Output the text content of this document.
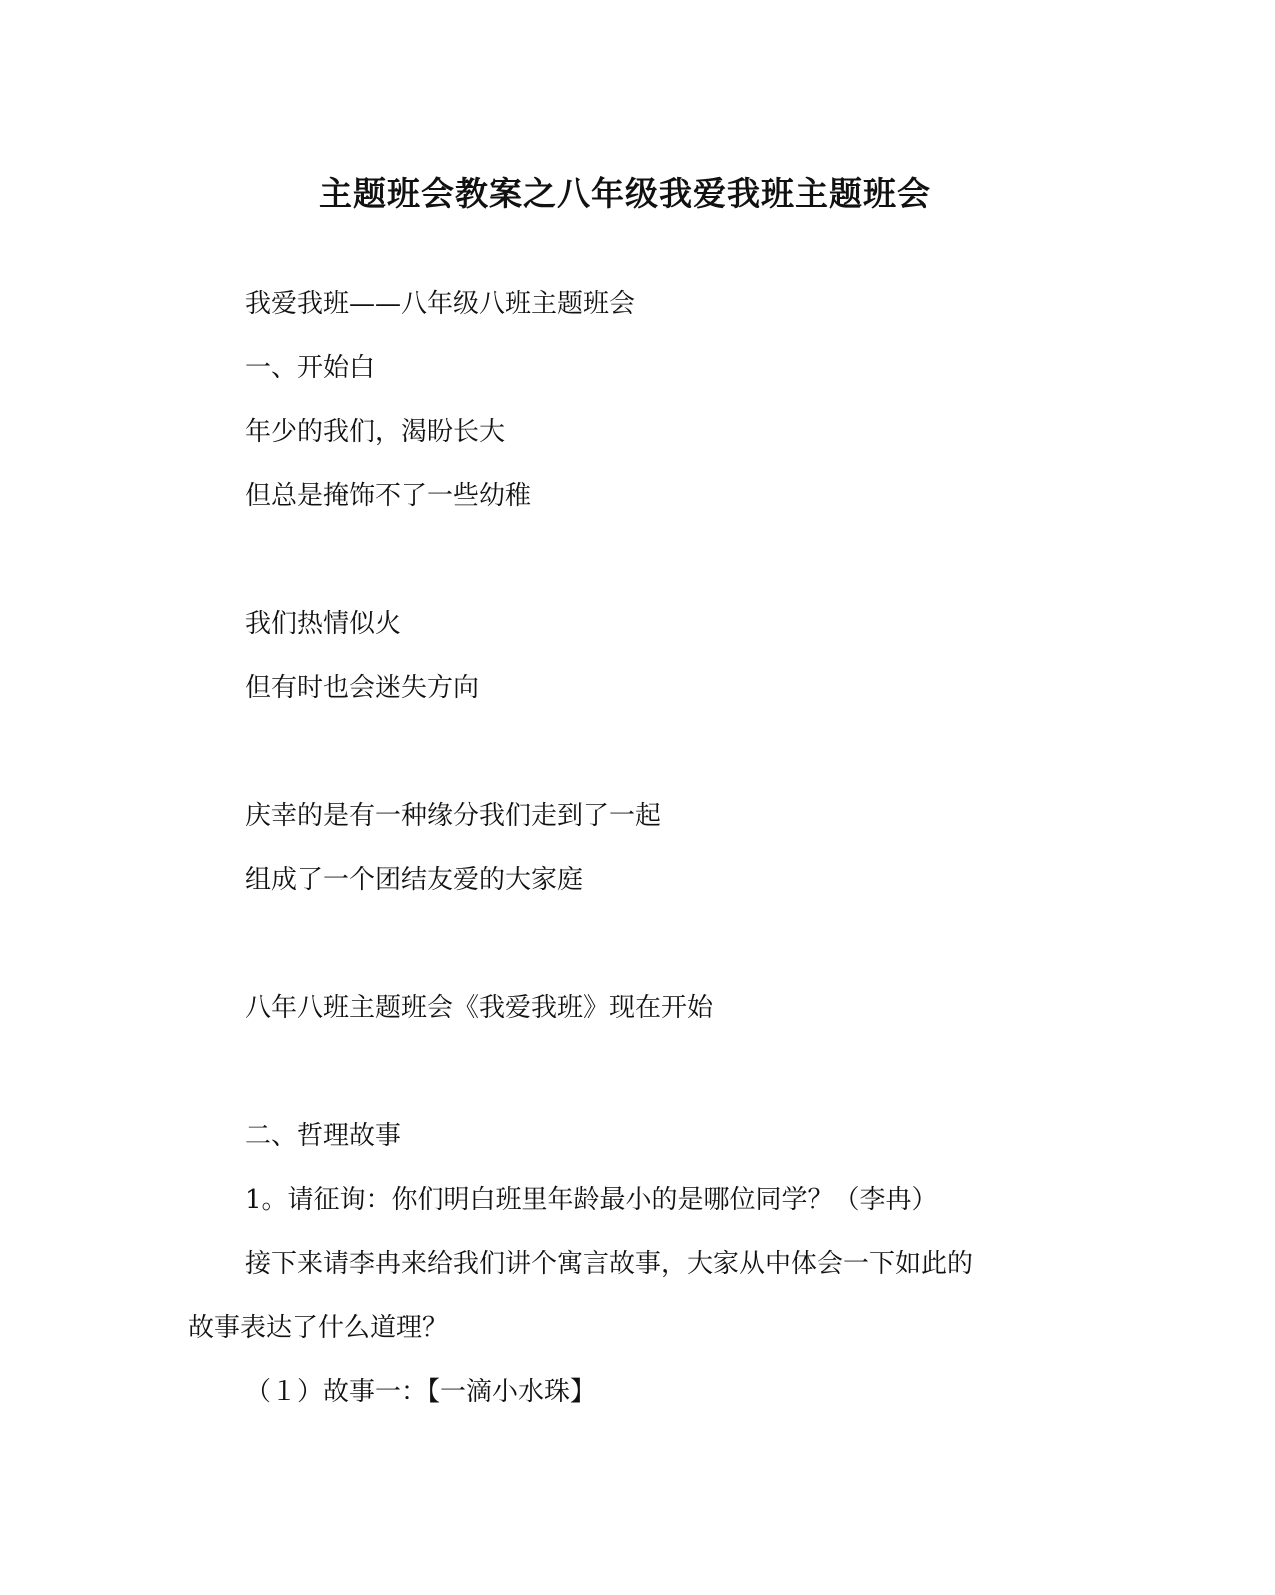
主题班会教案之八年级我爱我班主题班会
我爱我班——八年级八班主题班会
一、开始白
年少的我们，渴盼长大
但总是掩饰不了一些幼稚
我们热情似火
但有时也会迷失方向
庆幸的是有一种缘分我们走到了一起
组成了一个团结友爱的大家庭
八年八班主题班会《我爱我班》现在开始
二、哲理故事
1。请征询：你们明白班里年龄最小的是哪位同学？（李冉）
接下来请李冉来给我们讲个寓言故事，大家从中体会一下如此的
故事表达了什么道理？
（１）故事一：【一滴小水珠】
